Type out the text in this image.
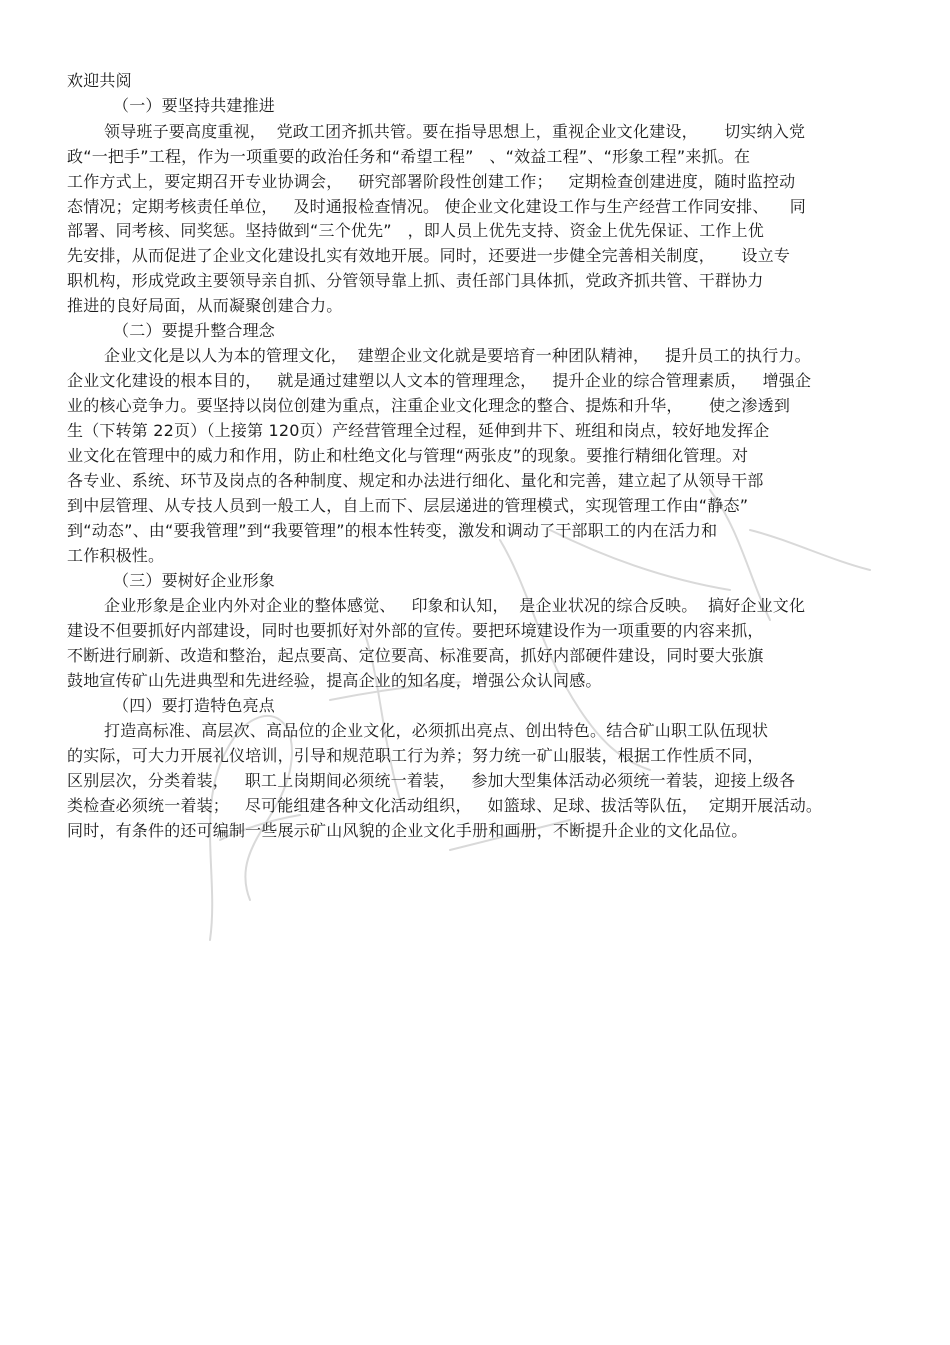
欢迎共阅
（一）要坚持共建推进
领导班子要高度重视，  党政工团齐抓共管。要在指导思想上，重视企业文化建设，     切实纳入党
政“一把手”工程，作为一项重要的政治任务和“希望工程”   、“效益工程”、“形象工程”来抓。在
工作方式上，要定期召开专业协调会，   研究部署阶段性创建工作；   定期检查创建进度，随时监控动
态情况；定期考核责任单位，   及时通报检查情况。 使企业文化建设工作与生产经营工作同安排、    同
部署、同考核、同奖惩。坚持做到“三个优先”   ，即人员上优先支持、资金上优先保证、工作上优
先安排，从而促进了企业文化建设扎实有效地开展。同时，还要进一步健全完善相关制度，     设立专
职机构，形成党政主要领导亲自抓、分管领导靠上抓、责任部门具体抓，党政齐抓共管、干群协力
推进的良好局面，从而凝聚创建合力。
（二）要提升整合理念
企业文化是以人为本的管理文化，  建塑企业文化就是要培育一种团队精神，   提升员工的执行力。
企业文化建设的根本目的，   就是通过建塑以人文本的管理理念，   提升企业的综合管理素质，   增强企
业的核心竞争力。要坚持以岗位创建为重点，注重企业文化理念的整合、提炼和升华，     使之渗透到
生（下转第 22页）（上接第 120页）产经营管理全过程，延伸到井下、班组和岗点，较好地发挥企
业文化在管理中的威力和作用，防止和杜绝文化与管理“两张皮”的现象。要推行精细化管理。对
各专业、系统、环节及岗点的各种制度、规定和办法进行细化、量化和完善，建立起了从领导干部
到中层管理、从专技人员到一般工人，自上而下、层层递进的管理模式，实现管理工作由“静态”
到“动态”、由“要我管理”到“我要管理”的根本性转变，激发和调动了干部职工的内在活力和
工作积极性。
（三）要树好企业形象
企业形象是企业内外对企业的整体感觉、   印象和认知，  是企业状况的综合反映。  搞好企业文化
建设不但要抓好内部建设，同时也要抓好对外部的宣传。要把环境建设作为一项重要的内容来抓，
不断进行刷新、改造和整治，起点要高、定位要高、标准要高，抓好内部硬件建设，同时要大张旗
鼓地宣传矿山先进典型和先进经验，提高企业的知名度，增强公众认同感。
（四）要打造特色亮点
打造高标准、高层次、高品位的企业文化，必须抓出亮点、创出特色。结合矿山职工队伍现状
的实际，可大力开展礼仪培训，引导和规范职工行为养；努力统一矿山服装，根据工作性质不同，
区别层次，分类着装，   职工上岗期间必须统一着装，   参加大型集体活动必须统一着装，迎接上级各
类检查必须统一着装；   尽可能组建各种文化活动组织，   如篮球、足球、拔活等队伍，  定期开展活动。
同时，有条件的还可编制一些展示矿山风貌的企业文化手册和画册，不断提升企业的文化品位。
